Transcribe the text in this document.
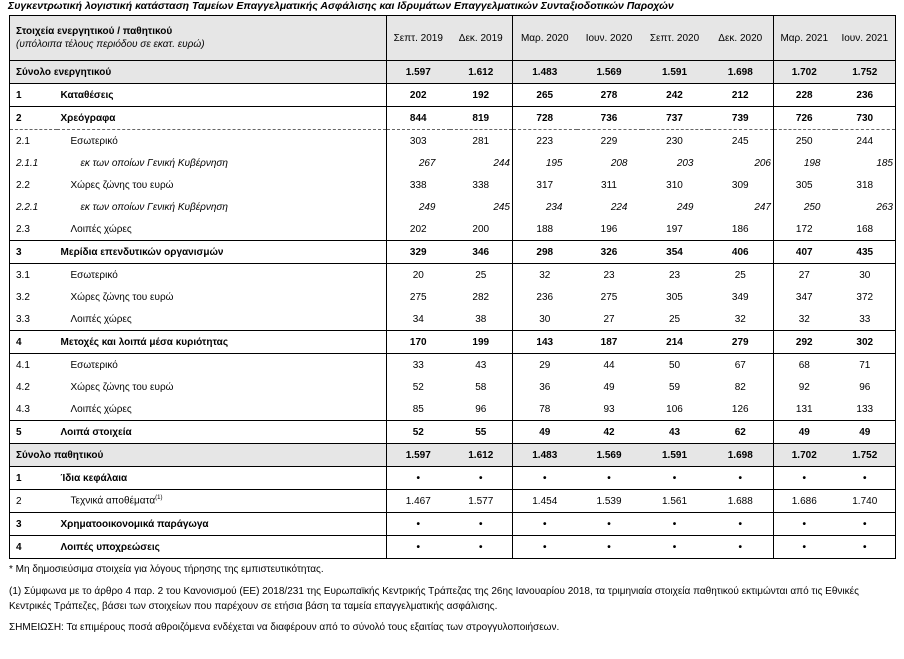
Συγκεντρωτική λογιστική κατάσταση Ταμείων Επαγγελματικής Ασφάλισης και Ιδρυμάτων Επαγγελματικών Συνταξιοδοτικών Παροχών
Στοιχεία ενεργητικού / παθητικού
(υπόλοιπα τέλους περιόδου σε εκατ. ευρώ)		Σεπτ. 2019	Δεκ. 2019	Μαρ. 2020	Ιουν. 2020	Σεπτ. 2020	Δεκ. 2020	Μαρ. 2021	Ιουν. 2021
Σύνολο ενεργητικού		1.597	1.612	1.483	1.569	1.591	1.698	1.702	1.752
1	Καταθέσεις	202	192	265	278	242	212	228	236
2	Χρεόγραφα	844	819	728	736	737	739	726	730
2.1	Εσωτερικό	303	281	223	229	230	245	250	244
2.1.1	εκ των οποίων Γενική Κυβέρνηση	267	244	195	208	203	206	198	185
2.2	Χώρες ζώνης του ευρώ	338	338	317	311	310	309	305	318
2.2.1	εκ των οποίων Γενική Κυβέρνηση	249	245	234	224	249	247	250	263
2.3	Λοιπές χώρες	202	200	188	196	197	186	172	168
3	Μερίδια επενδυτικών οργανισμών	329	346	298	326	354	406	407	435
3.1	Εσωτερικό	20	25	32	23	23	25	27	30
3.2	Χώρες ζώνης του ευρώ	275	282	236	275	305	349	347	372
3.3	Λοιπές χώρες	34	38	30	27	25	32	32	33
4	Μετοχές και λοιπά μέσα κυριότητας	170	199	143	187	214	279	292	302
4.1	Εσωτερικό	33	43	29	44	50	67	68	71
4.2	Χώρες ζώνης του ευρώ	52	58	36	49	59	82	92	96
4.3	Λοιπές χώρες	85	96	78	93	106	126	131	133
5	Λοιπά στοιχεία	52	55	49	42	43	62	49	49
Σύνολο παθητικού		1.597	1.612	1.483	1.569	1.591	1.698	1.702	1.752
1	Ίδια κεφάλαια	•	•	•	•	•	•	•	•
2	Τεχνικά αποθέματα$^{(1)}$	1.467	1.577	1.454	1.539	1.561	1.688	1.686	1.740
3	Χρηματοοικονομικά παράγωγα	•	•	•	•	•	•	•	•
4	Λοιπές υποχρεώσεις	•	•	•	•	•	•	•	•

* Μη δημοσιεύσιμα στοιχεία για λόγους τήρησης της εμπιστευτικότητας.

(1) Σύμφωνα με το άρθρο 4 παρ. 2 του Κανονισμού (ΕΕ) 2018/231 της Ευρωπαϊκής Κεντρικής Τράπεζας της 26ης Ιανουαρίου 2018, τα τριμηνιαία στοιχεία παθητικού εκτιμώνται από τις Εθνικές Κεντρικές Τράπεζες, βάσει των στοιχείων που παρέχουν σε ετήσια βάση τα ταμεία επαγγελματικής ασφάλισης.

ΣΗΜΕΙΩΣΗ: Τα επιμέρους ποσά αθροιζόμενα ενδέχεται να διαφέρουν από το σύνολό τους εξαιτίας των στρογγυλοποιήσεων.
